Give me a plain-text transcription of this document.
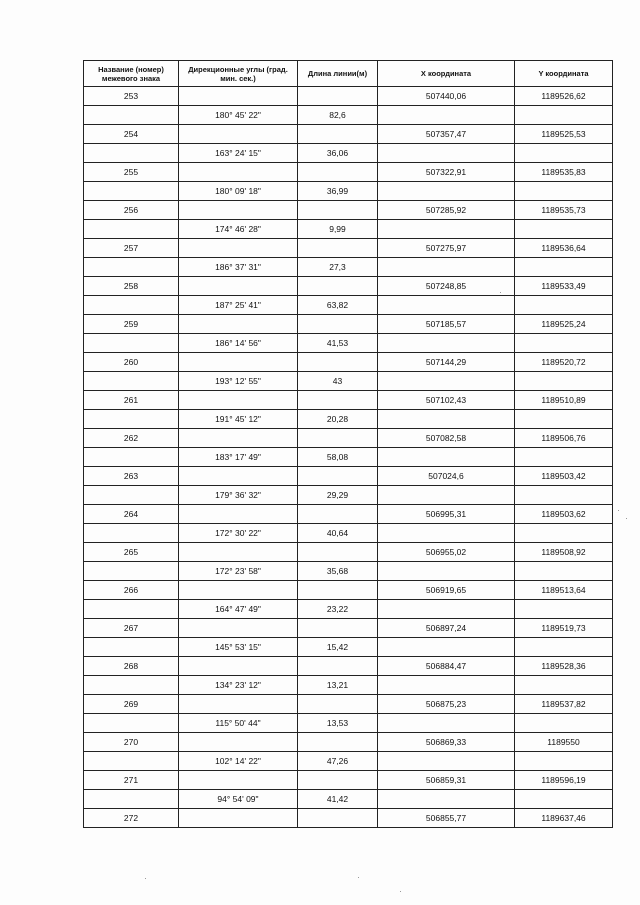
Название (номер) межевого знака	Дирекционные углы (град. мин. сек.)	Длина линии(м)	X координата	Y координата
253			507440,06	1189526,62
	180° 45' 22"	82,6		
254			507357,47	1189525,53
	163° 24' 15"	36,06		
255			507322,91	1189535,83
	180° 09' 18"	36,99		
256			507285,92	1189535,73
	174° 46' 28"	9,99		
257			507275,97	1189536,64
	186° 37' 31"	27,3		
258			507248,85	1189533,49
	187° 25' 41"	63,82		
259			507185,57	1189525,24
	186° 14' 56"	41,53		
260			507144,29	1189520,72
	193° 12' 55"	43		
261			507102,43	1189510,89
	191° 45' 12"	20,28		
262			507082,58	1189506,76
	183° 17' 49"	58,08		
263			507024,6	1189503,42
	179° 36' 32"	29,29		
264			506995,31	1189503,62
	172° 30' 22"	40,64		
265			506955,02	1189508,92
	172° 23' 58"	35,68		
266			506919,65	1189513,64
	164° 47' 49"	23,22		
267			506897,24	1189519,73
	145° 53' 15"	15,42		
268			506884,47	1189528,36
	134° 23' 12"	13,21		
269			506875,23	1189537,82
	115° 50' 44"	13,53		
270			506869,33	1189550
	102° 14' 22"	47,26		
271			506859,31	1189596,19
	94° 54' 09"	41,42		
272			506855,77	1189637,46
